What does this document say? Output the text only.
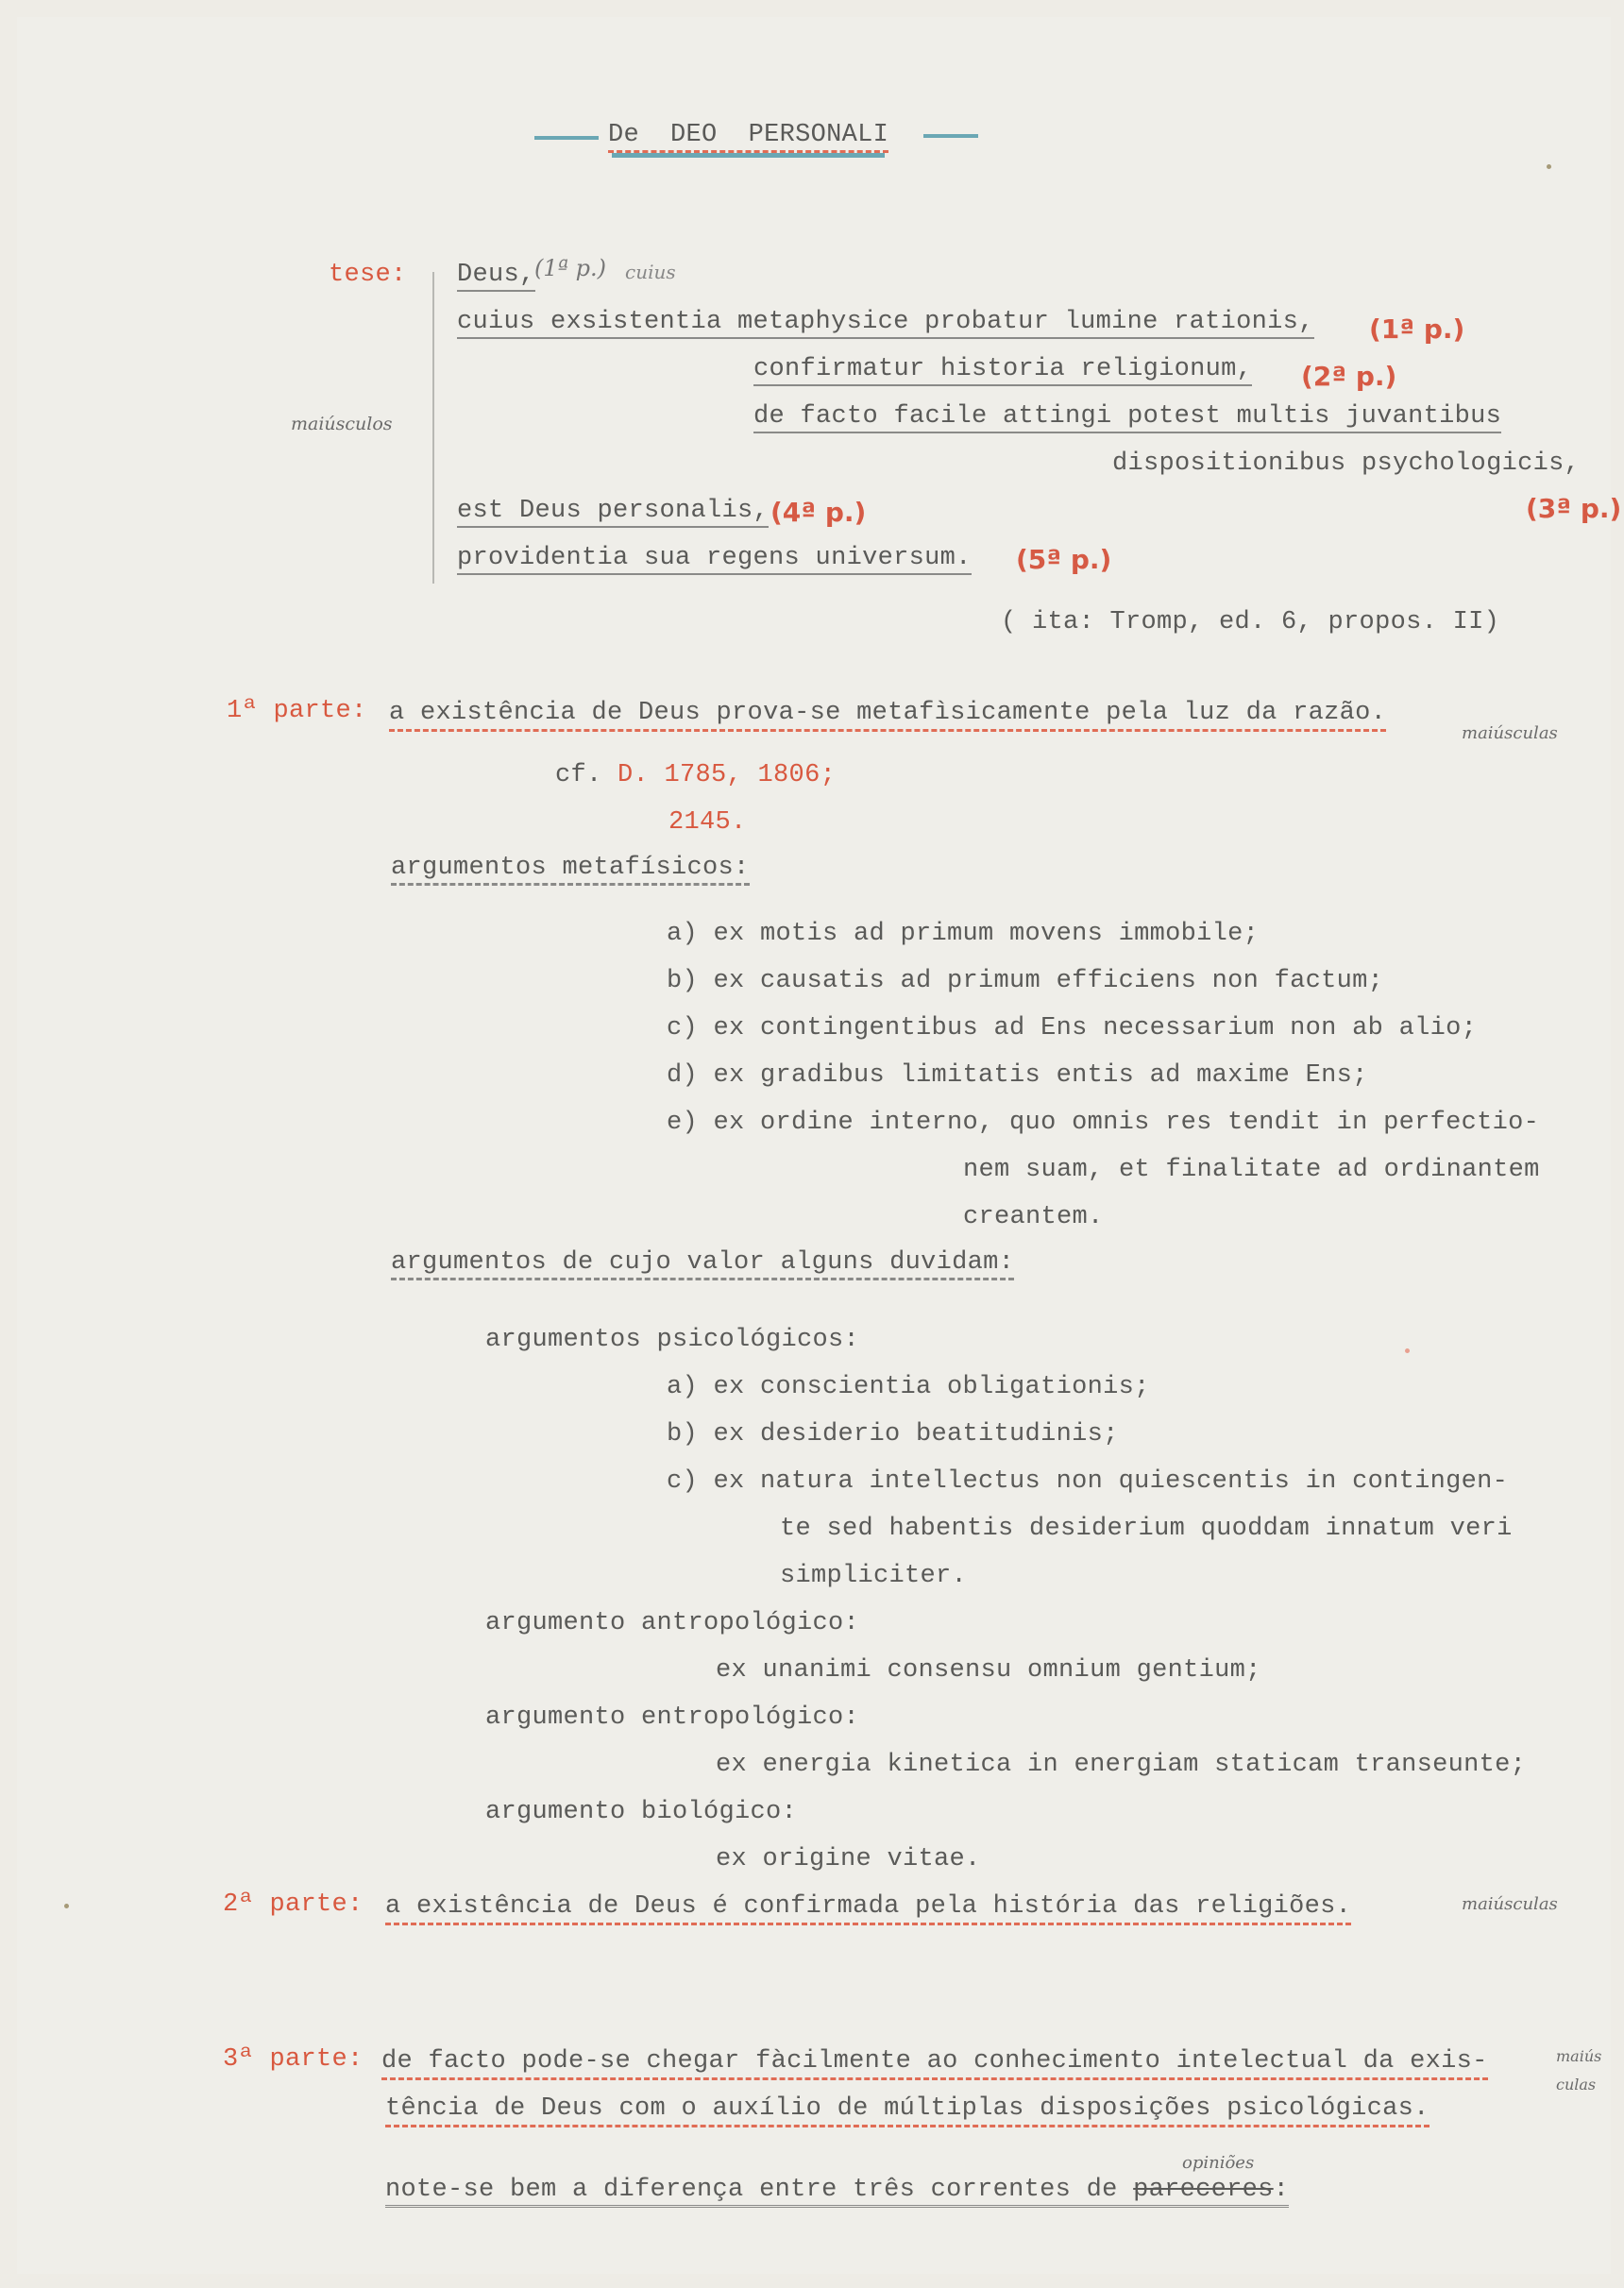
De DEO PERSONALI
tese:
maiúsculos
Deus, (1ª p.) cuius
cuius exsistentia metaphysice probatur lumine rationis, (1ª p.)
confirmatur historia religionum, (2ª p.)
de facto facile attingi potest multis juvantibus
dispositionibus psychologicis,
(3ª p.)
est Deus personalis, (4ª p.)
providentia sua regens universum. (5ª p.)
( ita: Tromp, ed. 6, propos. II)
1ª parte: a existência de Deus prova-se metafìsicamente pela luz da razão.
maiúsculas
cf. D. 1785, 1806;
2145.
argumentos metafísicos:
a) ex motis ad primum movens immobile;
b) ex causatis ad primum efficiens non factum;
c) ex contingentibus ad Ens necessarium non ab alio;
d) ex gradibus limitatis entis ad maxime Ens;
e) ex ordine interno, quo omnis res tendit in perfectio-
nem suam, et finalitate ad ordinantem
creantem.
argumentos de cujo valor alguns duvidam:
argumentos psicológicos:
a) ex conscientia obligationis;
b) ex desiderio beatitudinis;
c) ex natura intellectus non quiescentis in contingen-
te sed habentis desiderium quoddam innatum veri
simpliciter.
argumento antropológico:
ex unanimi consensu omnium gentium;
argumento entropológico:
ex energia kinetica in energiam staticam transeunte;
argumento biológico:
ex origine vitae.
2ª parte: a existência de Deus é confirmada pela história das religiões.	maiúsculas
3ª parte: de facto pode-se chegar fàcilmente ao conhecimento intelectual da exis-
tência de Deus com o auxílio de múltiplas disposições psicológicas.
maiús
culas
opiniões
note-se bem a diferença entre três correntes de pareceres:
